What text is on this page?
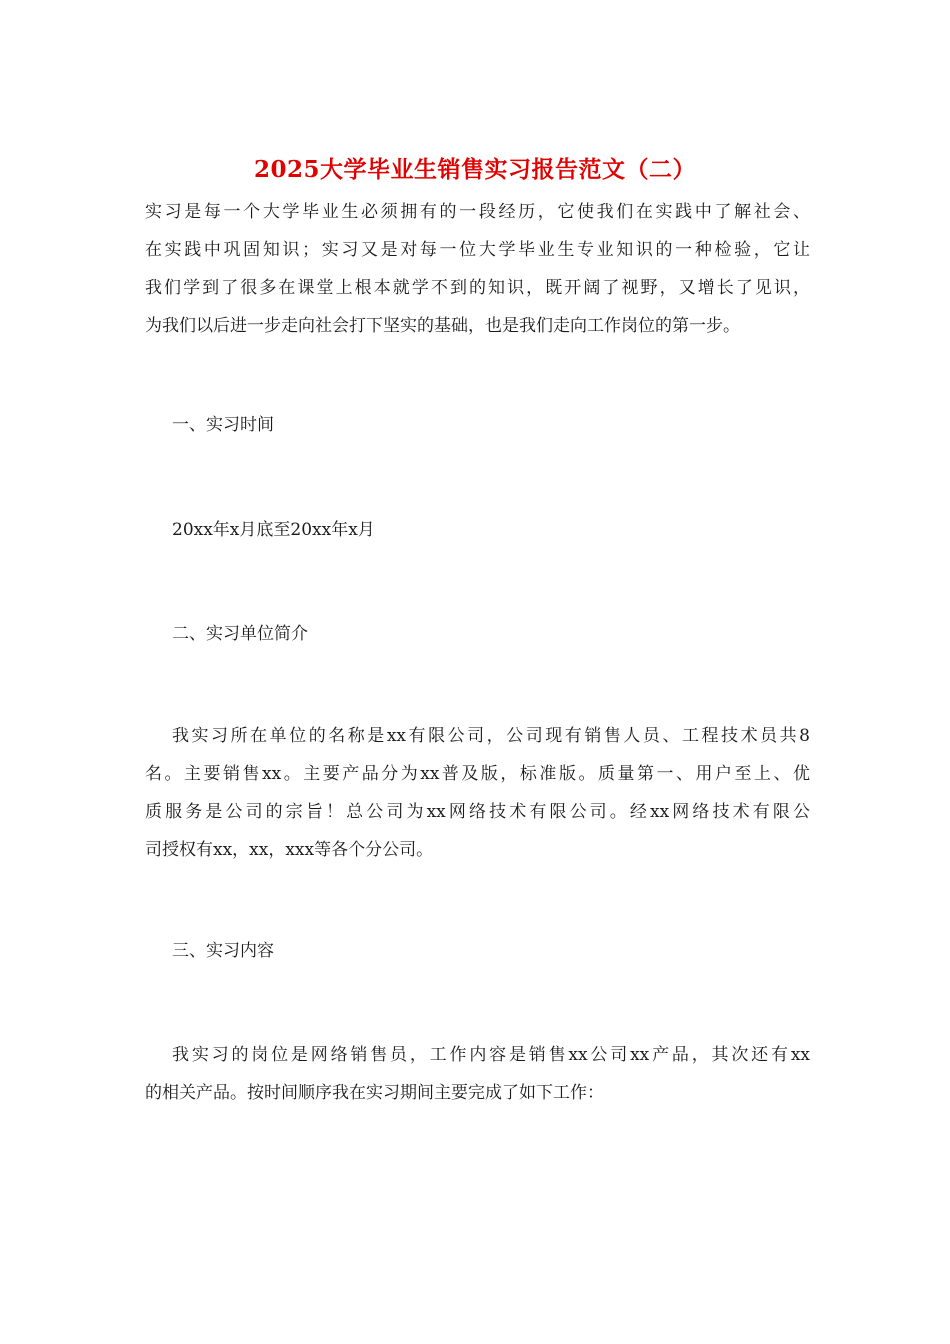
2025大学毕业生销售实习报告范文（二）
实习是每一个大学毕业生必须拥有的一段经历，它使我们在实践中了解社会、
在实践中巩固知识；实习又是对每一位大学毕业生专业知识的一种检验，它让
我们学到了很多在课堂上根本就学不到的知识，既开阔了视野，又增长了见识，
为我们以后进一步走向社会打下坚实的基础，也是我们走向工作岗位的第一步。
一、实习时间
20xx年x月底至20xx年x月
二、实习单位简介
我实习所在单位的名称是xx有限公司，公司现有销售人员、工程技术员共8
名。主要销售xx。主要产品分为xx普及版，标准版。质量第一、用户至上、优
质服务是公司的宗旨！总公司为xx网络技术有限公司。经xx网络技术有限公
司授权有xx，xx，xxx等各个分公司。
三、实习内容
我实习的岗位是网络销售员，工作内容是销售xx公司xx产品，其次还有xx
的相关产品。按时间顺序我在实习期间主要完成了如下工作：
